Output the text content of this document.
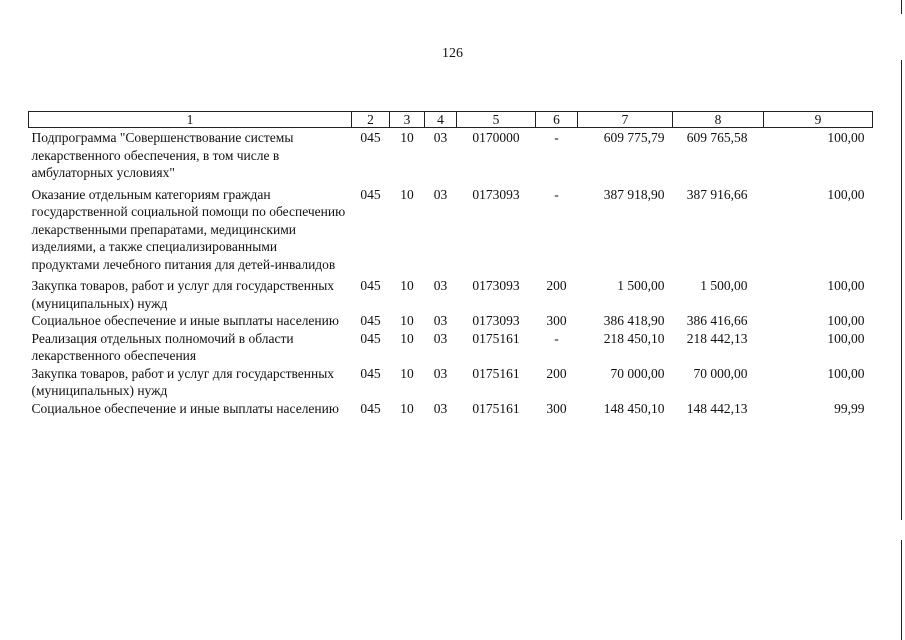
126
1	2	3	4	5	6	7	8	9
Подпрограмма "Совершенствование системы лекарственного обеспечения, в том числе в амбулаторных условиях"	045	10	03	0170000	-	609 775,79	609 765,58	100,00
Оказание отдельным категориям граждан государственной социальной помощи по обеспечению лекарственными препаратами, медицинскими изделиями, а также специализированными продуктами лечебного питания для детей-инвалидов	045	10	03	0173093	-	387 918,90	387 916,66	100,00
Закупка товаров, работ и услуг для государственных (муниципальных) нужд	045	10	03	0173093	200	1 500,00	1 500,00	100,00
Социальное обеспечение и иные выплаты населению	045	10	03	0173093	300	386 418,90	386 416,66	100,00
Реализация отдельных полномочий в области лекарственного обеспечения	045	10	03	0175161	-	218 450,10	218 442,13	100,00
Закупка товаров, работ и услуг для государственных (муниципальных) нужд	045	10	03	0175161	200	70 000,00	70 000,00	100,00
Социальное обеспечение и иные выплаты населению	045	10	03	0175161	300	148 450,10	148 442,13	99,99
